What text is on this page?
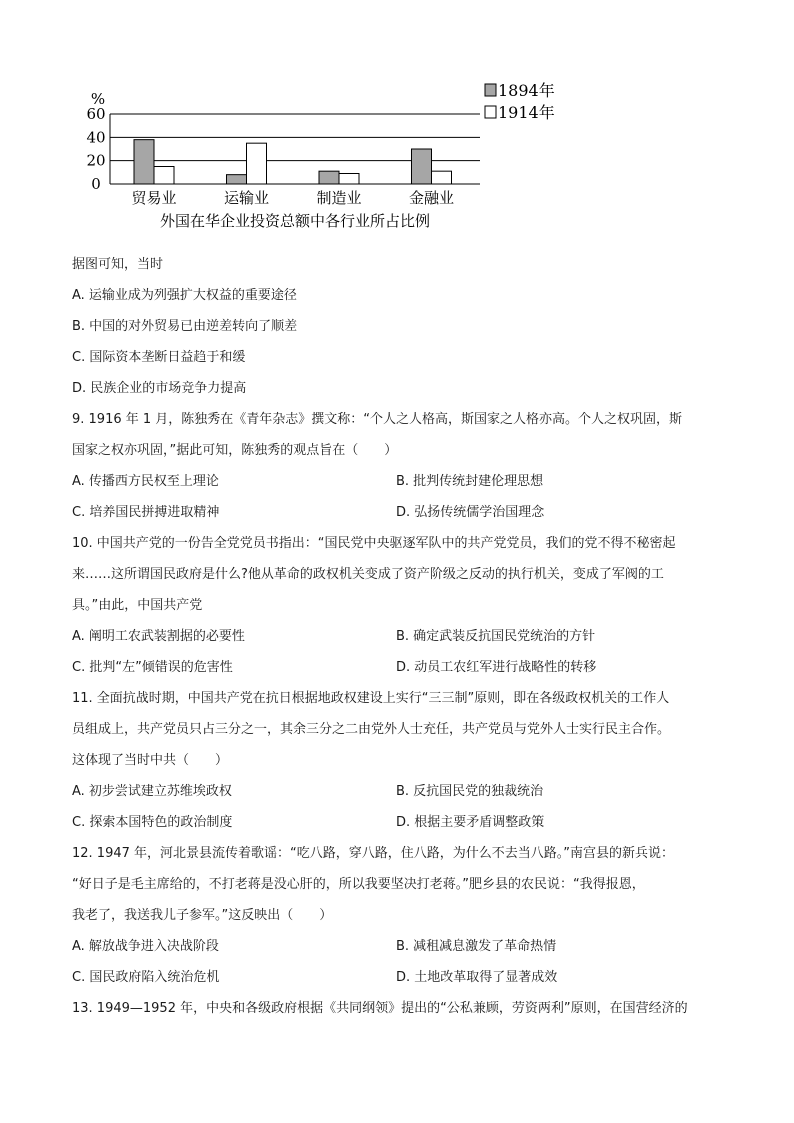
%
60
40
20
0
贸易业	运输业	制造业	金融业
外国在华企业投资总额中各行业所占比例
1894年
1914年
据图可知，当时
A. 运输业成为列强扩大权益的重要途径
B. 中国的对外贸易已由逆差转向了顺差
C. 国际资本垄断日益趋于和缓
D. 民族企业的市场竞争力提高
9. 1916 年 1 月，陈独秀在《青年杂志》撰文称：“个人之人格高，斯国家之人格亦高。个人之权巩固，斯
国家之权亦巩固，”据此可知，陈独秀的观点旨在（　　）
A. 传播西方民权至上理论	B. 批判传统封建伦理思想
C. 培养国民拼搏进取精神	D. 弘扬传统儒学治国理念
10. 中国共产党的一份告全党党员书指出：“国民党中央驱逐军队中的共产党党员，我们的党不得不秘密起
来……这所谓国民政府是什么?他从革命的政权机关变成了资产阶级之反动的执行机关，变成了军阀的工
具。”由此，中国共产党
A. 阐明工农武装割据的必要性	B. 确定武装反抗国民党统治的方针
C. 批判“左”倾错误的危害性	D. 动员工农红军进行战略性的转移
11. 全面抗战时期，中国共产党在抗日根据地政权建设上实行“三三制”原则，即在各级政权机关的工作人
员组成上，共产党员只占三分之一，其余三分之二由党外人士充任，共产党员与党外人士实行民主合作。
这体现了当时中共（　　）
A. 初步尝试建立苏维埃政权	B. 反抗国民党的独裁统治
C. 探索本国特色的政治制度	D. 根据主要矛盾调整政策
12. 1947 年，河北景县流传着歌谣：“吃八路，穿八路，住八路，为什么不去当八路。”南宫县的新兵说：
“好日子是毛主席给的，不打老蒋是没心肝的，所以我要坚决打老蒋。”肥乡县的农民说：“我得报恩，
我老了，我送我儿子参军。”这反映出（　　）
A. 解放战争进入决战阶段	B. 减租减息激发了革命热情
C. 国民政府陷入统治危机	D. 土地改革取得了显著成效
13. 1949—1952 年，中央和各级政府根据《共同纲领》提出的“公私兼顾，劳资两利”原则，在国营经济的
